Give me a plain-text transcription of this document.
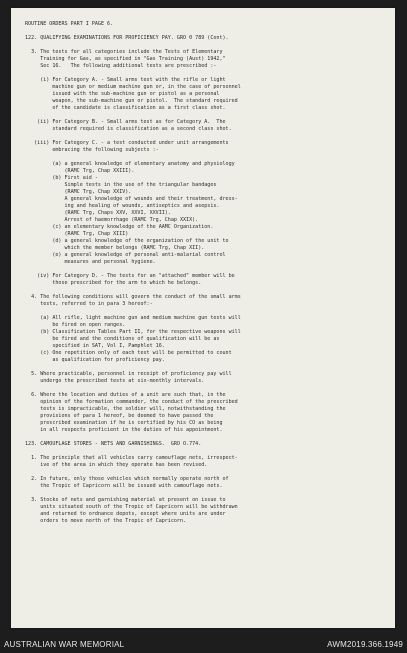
ROUTINE ORDERS PART I PAGE 6.

122. QUALIFYING EXAMINATIONS FOR PROFICIENCY PAY. GRO 0 789 (Cont).

3. The tests for all categories include the Tests of Elementary
Training for Gas, as specified in "Gas Training (Aust) 1942,"
Sec 16.   The following additional tests are prescribed :-

(i) For Category A. - Small arms test with the rifle or light
machine gun or medium machine gun or, in the case of personnel
issued with the sub-machine gun or pistol as a personal
weapon, the sub-machine gun or pistol.  The standard required
of the candidate is classification as a first class shot.

(ii) For Category B. - Small arms test as for Category A.  The
standard required is classification as a second class shot.

(iii) For Category C. - a test conducted under unit arrangements
embracing the following subjects :-

(a) a general knowledge of elementary anatomy and physiology
(RAMC Trg, Chap XXIII).
(b) First aid -
Simple tests in the use of the triangular bandages
(RAMC Trg, Chap XXIV).
A general knowledge of wounds and their treatment, dress-
ing and healing of wounds, antiseptics and asepsis.
(RAMC Trg, Chaps XXV, XXVI, XXVII).
Arrest of haemorrhage (RAMC Trg, Chap XXIX).
(c) an elementary knowledge of the AAMC Organization.
(RAMC Trg, Chap XIII)
(d) a general knowledge of the organization of the unit to
which the member belongs (RAMC Trg, Chap XII).
(e) a general knowledge of personal anti-malarial control
measures and personal hygiene.

(iv) For Category D. - The tests for an "attached" member will be
those prescribed for the arm to which he belongs.

4. The following conditions will govern the conduct of the small arms
tests, referred to in para 3 hereof:-

(a) All rifle, light machine gun and medium machine gun tests will
be fired on open ranges.
(b) Classification Tables Part II, for the respective weapons will
be fired and the conditions of qualification will be as
specified in SAT, Vol I, Pamphlet 16.
(c) One repetition only of each test will be permitted to count
as qualification for proficiency pay.

5. Where practicable, personnel in receipt of proficiency pay will
undergo the prescribed tests at six-monthly intervals.

6. Where the location and duties of a unit are such that, in the
opinion of the formation commander, the conduct of the prescribed
tests is impracticable, the soldier will, notwithstanding the
provisions of para 1 hereof, be deemed to have passed the
prescribed examination if he is certified by his CO as being
in all respects proficient in the duties of his appointment.

123. CAMOUFLAGE STORES - NETS AND GARNISHINGS.  GRO O.774.

1. The principle that all vehicles carry camouflage nets, irrespect-
ive of the area in which they operate has been revised.

2. In future, only those vehicles which normally operate north of
the Tropic of Capricorn will be issued with camouflage nets.

3. Stocks of nets and garnishing material at present on issue to
units situated south of the Tropic of Capricorn will be withdrawn
and returned to ordnance depots, except where units are under
orders to move north of the Tropic of Capricorn.
AUSTRALIAN WAR MEMORIAL	AWM2019.366.1949
